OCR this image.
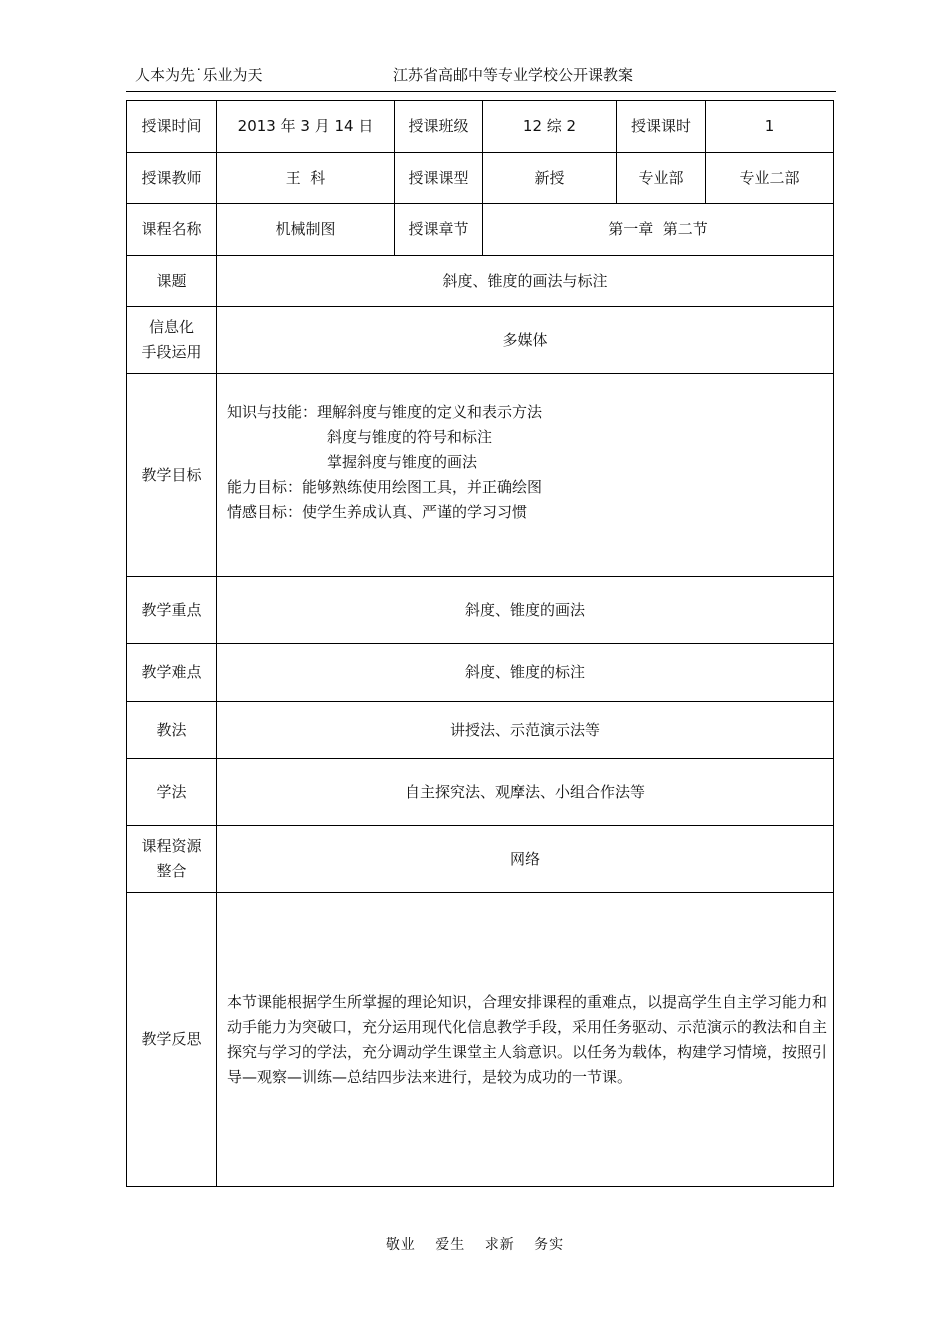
人本为先˙乐业为天	江苏省高邮中等专业学校公开课教案
授课时间	2013 年 3 月 14 日	授课班级	12 综 2	授课课时	1
授课教师	王  科	授课课型	新授	专业部	专业二部
课程名称	机械制图	授课章节	第一章  第二节		
课题	斜度、锥度的画法与标注				

信息化
手段运用	多媒体				
教学目标	知识与技能：理解斜度与锥度的定义和表示方法
斜度与锥度的符号和标注
掌握斜度与锥度的画法
能力目标：能够熟练使用绘图工具，并正确绘图
情感目标：使学生养成认真、严谨的学习习惯				

教学重点	斜度、锥度的画法				
教学难点	斜度、锥度的标注				
教法	讲授法、示范演示法等				
学法	自主探究法、观摩法、小组合作法等				

课程资源
整合	网络				
教学反思	本节课能根据学生所掌握的理论知识，合理安排课程的重难点，以提高学生自主学习能力和动手能力为突破口，充分运用现代化信息教学手段，采用任务驱动、示范演示的教法和自主探究与学习的学法，充分调动学生课堂主人翁意识。以任务为载体，构建学习情境，按照引导—观察—训练—总结四步法来进行，是较为成功的一节课。				
敬业 爱生 求新 务实
